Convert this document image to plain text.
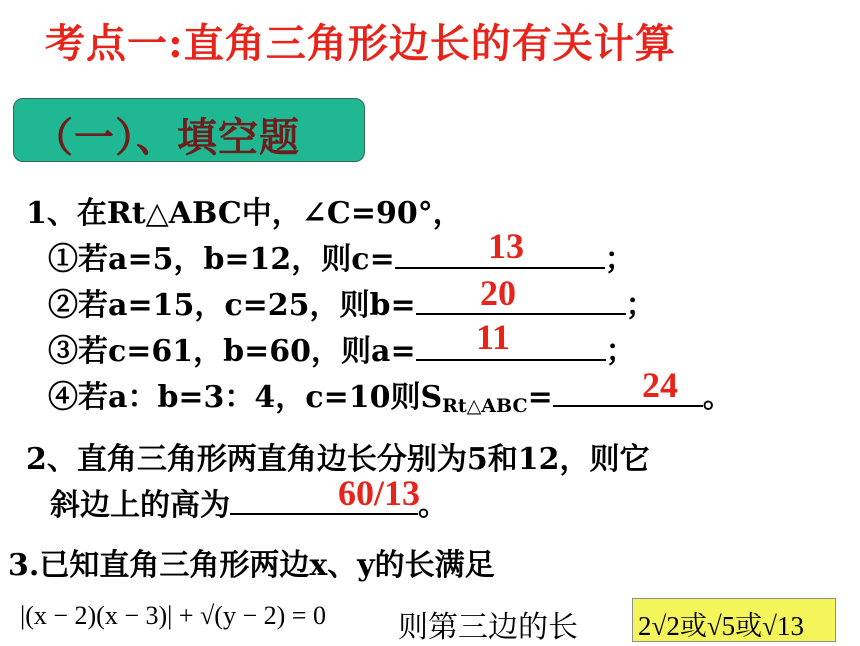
考点一:直角三角形边长的有关计算
（一）、填空题
1、在Rt△ABC中，∠C=90°，
①若a=5，b=12，则c=	；
13
②若a=15，c=25，则b=	；
20
③若c=61，b=60，则a=	；
11
④若a：b=3：4，c=10则$S_{Rt\triangle ABC}=$	。
24
2、直角三角形两直角边长分别为5和12，则它
斜边上的高为	。
60/13
3.已知直角三角形两边x、y的长满足
|(x − 2)(x − 3)| + √(y − 2) = 0 则第三边的长 2√2或√5或√13
